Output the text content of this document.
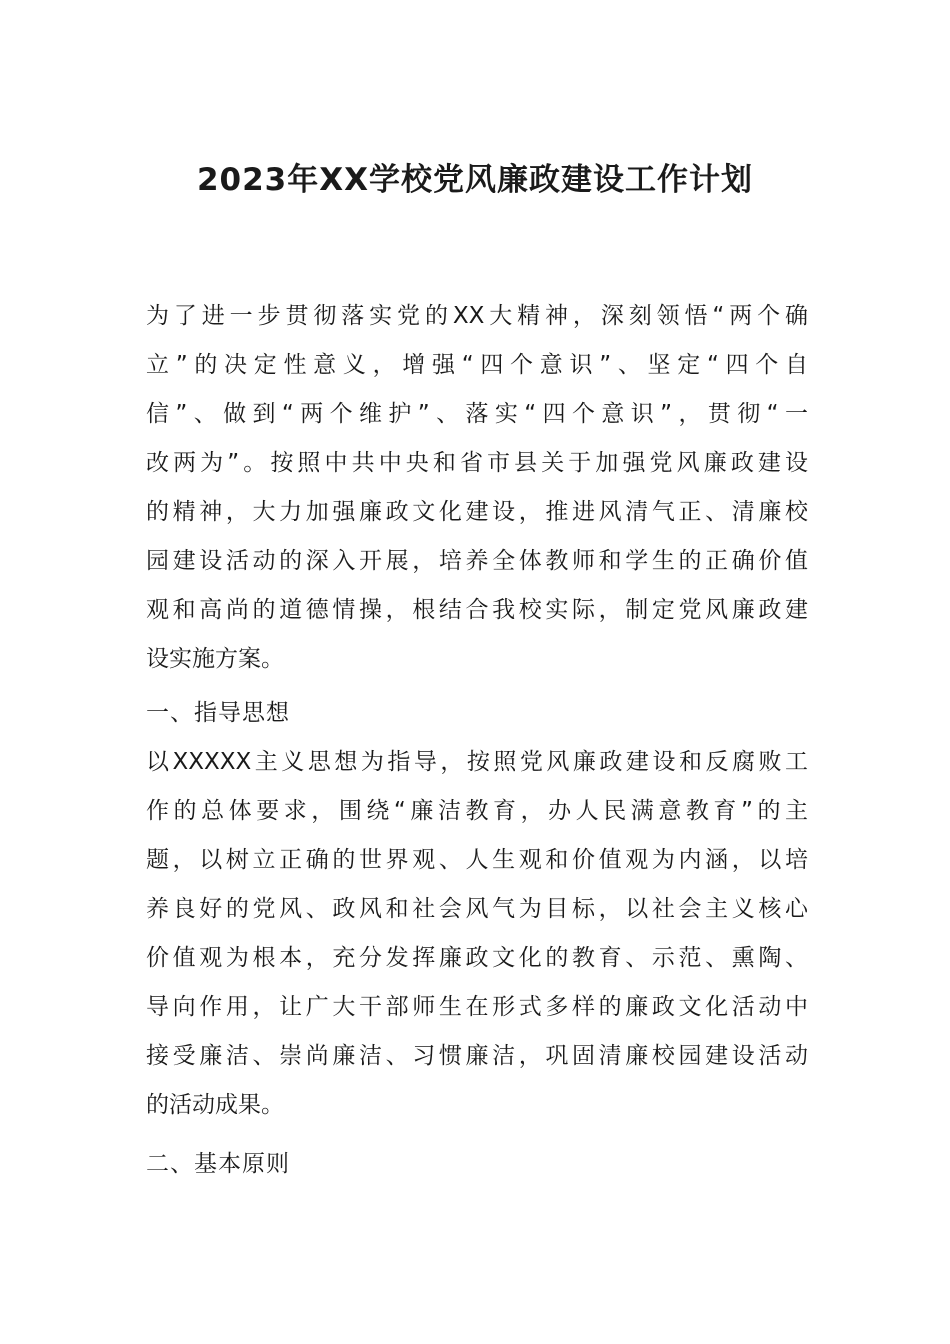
2023年XX学校党风廉政建设工作计划
为了进一步贯彻落实党的XX大精神，深刻领悟“两个确
立”的决定性意义，增强“四个意识”、坚定“四个自
信”、做到“两个维护”、落实“四个意识”，贯彻“一
改两为”。按照中共中央和省市县关于加强党风廉政建设
的精神，大力加强廉政文化建设，推进风清气正、清廉校
园建设活动的深入开展，培养全体教师和学生的正确价值
观和高尚的道德情操，根结合我校实际，制定党风廉政建
设实施方案。
一、指导思想
以XXXXX主义思想为指导，按照党风廉政建设和反腐败工
作的总体要求，围绕“廉洁教育，办人民满意教育”的主
题，以树立正确的世界观、人生观和价值观为内涵，以培
养良好的党风、政风和社会风气为目标，以社会主义核心
价值观为根本，充分发挥廉政文化的教育、示范、熏陶、
导向作用，让广大干部师生在形式多样的廉政文化活动中
接受廉洁、崇尚廉洁、习惯廉洁，巩固清廉校园建设活动
的活动成果。
二、基本原则
